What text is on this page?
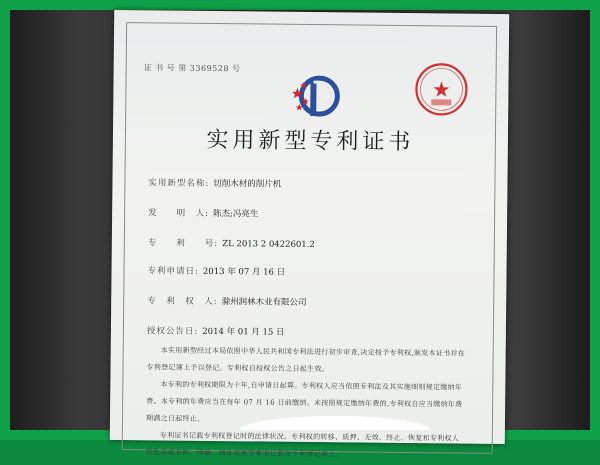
证 书 号 第 3369528 号
实用新型专利证书
实用新型名称: 切削木材的削片机
发　　明　人: 陈杰;冯亮生
专　　利　　号: ZL 2013 2 0422601.2
专利申请日: 2013 年 07 月 16 日
专　利　权　人: 滁州润林木业有限公司
授权公告日: 2014 年 01 月 15 日

本实用新型经过本局依照中华人民共和国专利法进行初步审查,决定授予专利权,颁发本证书并在专利登记簿上予以登记。专利权自授权公告之日起生效。

本专利的专利权期限为十年,自申请日起算。专利权人应当依照专利法及其实施细则规定缴纳年费。本专利的年费应当在每年 07 月 16 日前缴纳。未按照规定缴纳年费的,专利权自应当缴纳年费期满之日起终止。

专利证书记载专利权登记时的法律状况。专利权的转移、质押、无效、终止、恢复和专利权人的姓名或名称、国籍、地址变更等事项记载在专利登记簿上。
